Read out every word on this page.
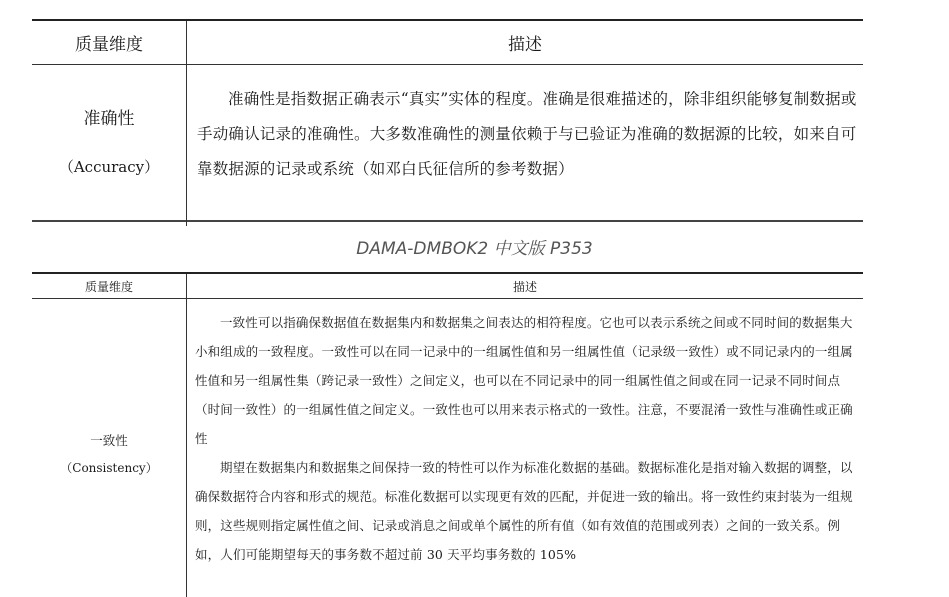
质量维度	描述
准确性
（Accuracy）
准确性是指数据正确表示“真实”实体的程度。准确是很难描述的，除非组织能够复制数据或手动确认记录的准确性。大多数准确性的测量依赖于与已验证为准确的数据源的比较，如来自可靠数据源的记录或系统（如邓白氏征信所的参考数据）
DAMA-DMBOK2 中文版 P353
质量维度	描述
一致性
（Consistency）

一致性可以指确保数据值在数据集内和数据集之间表达的相符程度。它也可以表示系统之间或不同时间的数据集大小和组成的一致程度。一致性可以在同一记录中的一组属性值和另一组属性值（记录级一致性）或不同记录内的一组属性值和另一组属性集（跨记录一致性）之间定义，也可以在不同记录中的同一组属性值之间或在同一记录不同时间点（时间一致性）的一组属性值之间定义。一致性也可以用来表示格式的一致性。注意，不要混淆一致性与准确性或正确性

期望在数据集内和数据集之间保持一致的特性可以作为标准化数据的基础。数据标准化是指对输入数据的调整，以确保数据符合内容和形式的规范。标准化数据可以实现更有效的匹配，并促进一致的输出。将一致性约束封装为一组规则，这些规则指定属性值之间、记录或消息之间或单个属性的所有值（如有效值的范围或列表）之间的一致关系。例如，人们可能期望每天的事务数不超过前 30 天平均事务数的 105%
